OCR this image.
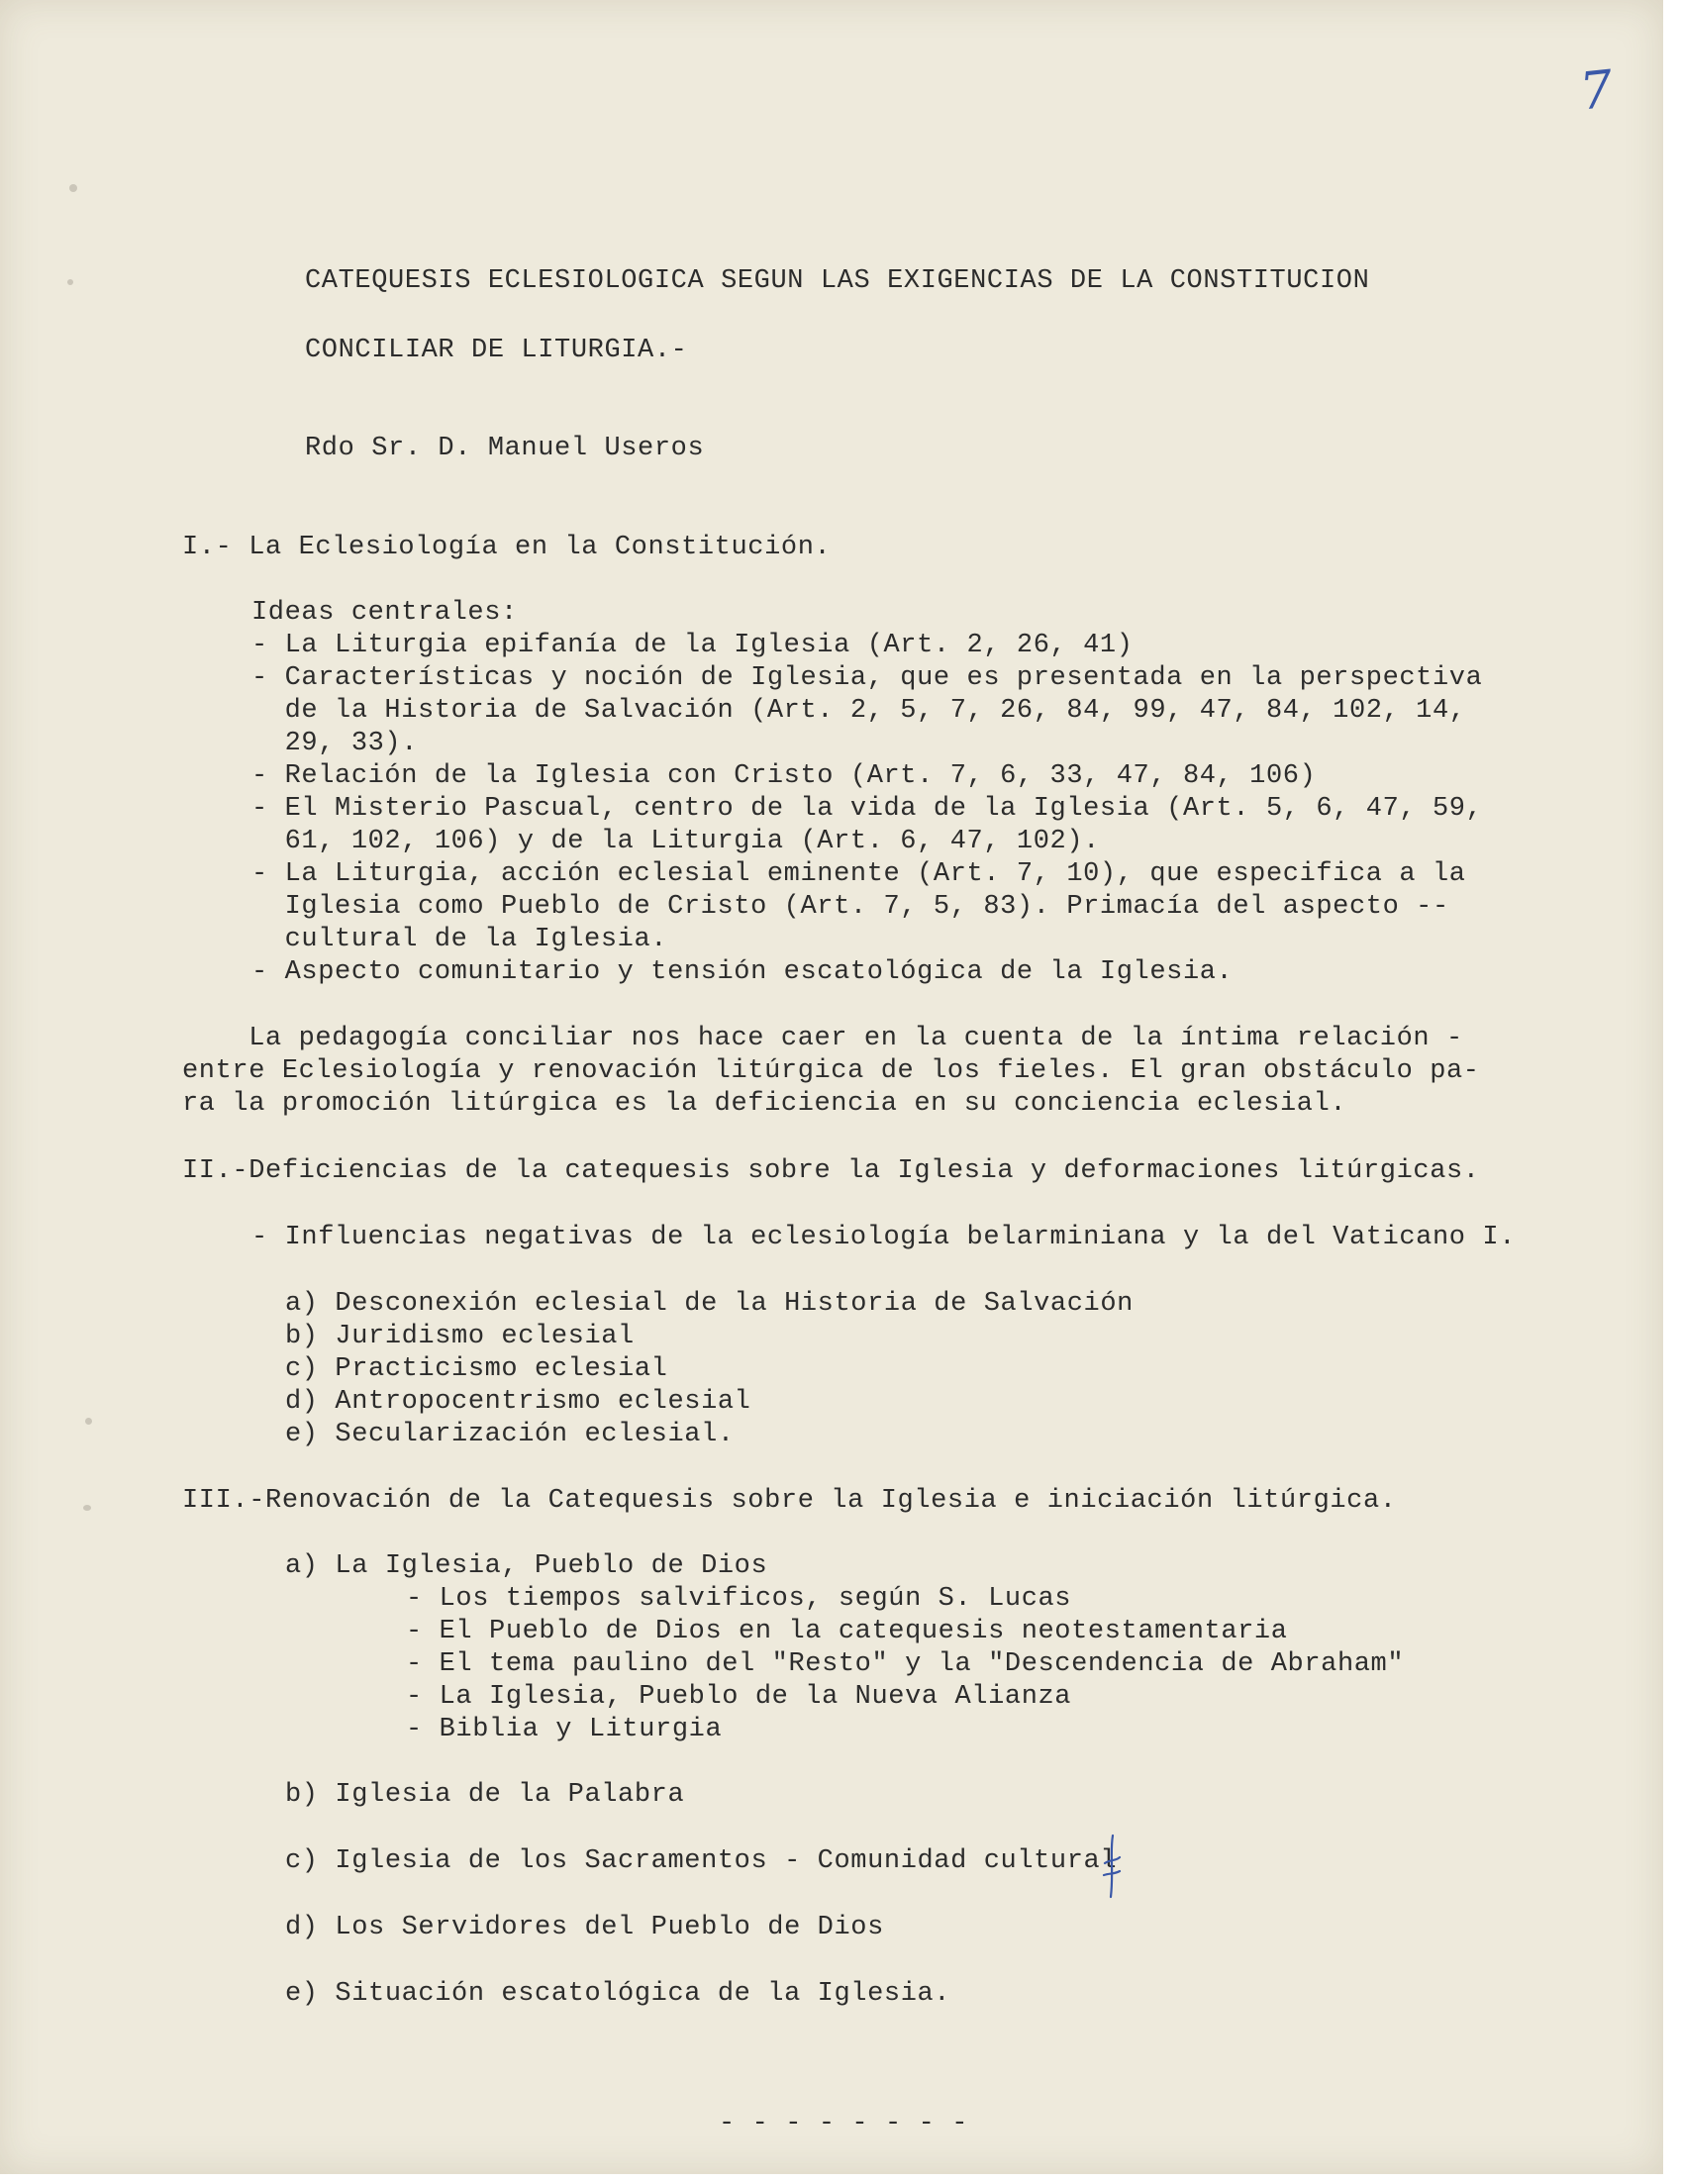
7

CATEQUESIS ECLESIOLOGICA SEGUN LAS EXIGENCIAS DE LA CONSTITUCION

CONCILIAR DE LITURGIA.-

Rdo Sr. D. Manuel Useros

I.- La Eclesiología en la Constitución.

Ideas centrales:

- La Liturgia epifanía de la Iglesia (Art. 2, 26, 41)

- Características y noción de Iglesia, que es presentada en la perspectiva

de la Historia de Salvación (Art. 2, 5, 7, 26, 84, 99, 47, 84, 102, 14,

29, 33).

- Relación de la Iglesia con Cristo (Art. 7, 6, 33, 47, 84, 106)

- El Misterio Pascual, centro de la vida de la Iglesia (Art. 5, 6, 47, 59,

61, 102, 106) y de la Liturgia (Art. 6, 47, 102).

- La Liturgia, acción eclesial eminente (Art. 7, 10), que especifica a la

Iglesia como Pueblo de Cristo (Art. 7, 5, 83). Primacía del aspecto --

cultural de la Iglesia.

- Aspecto comunitario y tensión escatológica de la Iglesia.

La pedagogía conciliar nos hace caer en la cuenta de la íntima relación -

entre Eclesiología y renovación litúrgica de los fieles. El gran obstáculo pa-

ra la promoción litúrgica es la deficiencia en su conciencia eclesial.

II.-Deficiencias de la catequesis sobre la Iglesia y deformaciones litúrgicas.

- Influencias negativas de la eclesiología belarminiana y la del Vaticano I.

a) Desconexión eclesial de la Historia de Salvación

b) Juridismo eclesial

c) Practicismo eclesial

d) Antropocentrismo eclesial

e) Secularización eclesial.

III.-Renovación de la Catequesis sobre la Iglesia e iniciación litúrgica.

a) La Iglesia, Pueblo de Dios

- Los tiempos salvificos, según S. Lucas

- El Pueblo de Dios en la catequesis neotestamentaria

- El tema paulino del "Resto" y la "Descendencia de Abraham"

- La Iglesia, Pueblo de la Nueva Alianza

- Biblia y Liturgia

b) Iglesia de la Palabra

c) Iglesia de los Sacramentos - Comunidad cultural

d) Los Servidores del Pueblo de Dios

e) Situación escatológica de la Iglesia.

- - - - - - - -
